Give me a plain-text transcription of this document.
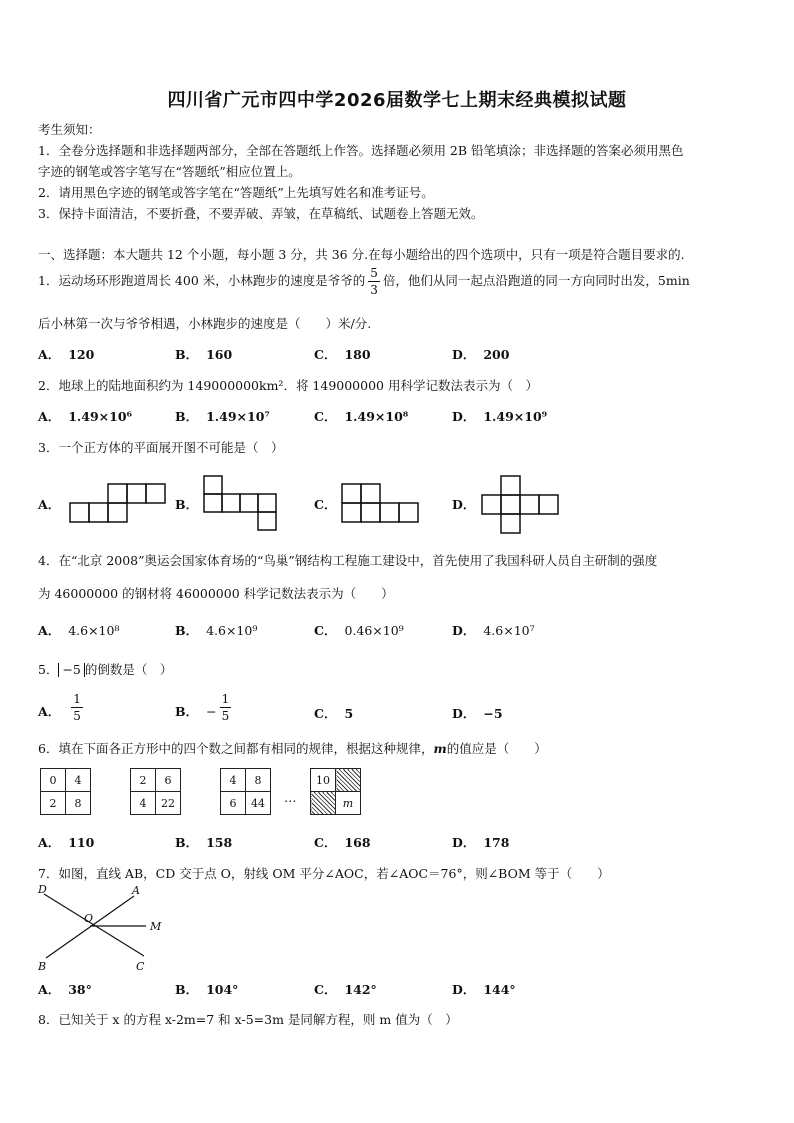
四川省广元市四中学2026届数学七上期末经典模拟试题
考生须知：
1．全卷分选择题和非选择题两部分，全部在答题纸上作答。选择题必须用 2B 铅笔填涂；非选择题的答案必须用黑色
字迹的钢笔或答字笔写在“答题纸”相应位置上。
2．请用黑色字迹的钢笔或答字笔在“答题纸”上先填写姓名和准考证号。
3．保持卡面清洁，不要折叠，不要弄破、弄皱，在草稿纸、试题卷上答题无效。
一、选择题：本大题共 12 个小题，每小题 3 分，共 36 分.在每小题给出的四个选项中，只有一项是符合题目要求的.
1．运动场环形跑道周长 400 米，小林跑步的速度是爷爷的 $\frac{5}{3}$ 倍，他们从同一起点沿跑道的同一方向同时出发，5min
后小林第一次与爷爷相遇，小林跑步的速度是（　　）米/分.
A． 120	B． 160	C． 180	D． 200
2．地球上的陆地面积约为 149000000km²．将 149000000 用科学记数法表示为（　）
A． 1.49×10⁶	B． 1.49×10⁷	C． 1.49×10⁸	D． 1.49×10⁹
3．一个正方体的平面展开图不可能是（　）
A．	B．	C．	D．
4．在“北京 2008”奥运会国家体育场的“鸟巢”钢结构工程施工建设中，首先使用了我国科研人员自主研制的强度
为 46000000 的钢材将 46000000 科学记数法表示为（　　）
A． 4.6×10⁸	B． 4.6×10⁹	C． 0.46×10⁹	D． 4.6×10⁷
5． −5 的倒数是（　）
A． $\frac{1}{5}$	B． − $\frac{1}{5}$	C． 5	D． −5
6．填在下面各正方形中的四个数之间都有相同的规律，根据这种规律，m的值应是（　　）
0	4
2	8
2	6
4	22
4	8
6	44 …
10	
	m
A． 110	B． 158	C． 168	D． 178
7．如图，直线 AB，CD 交于点 O，射线 OM 平分∠AOC，若∠AOC＝76°，则∠BOM 等于（　　）
D	A
O
M
B	C
A． 38°	B． 104°	C． 142°	D． 144°
8．已知关于 x 的方程 x-2m=7 和 x-5=3m 是同解方程，则 m 值为（　）
